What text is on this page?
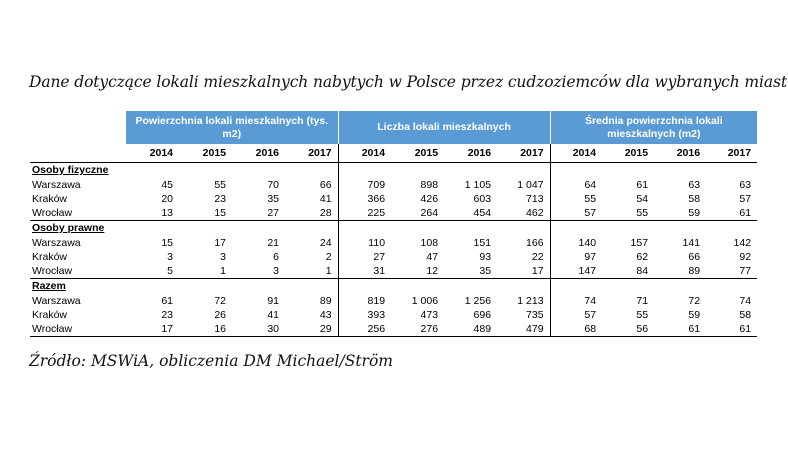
Dane dotyczące lokali mieszkalnych nabytych w Polsce przez cudzoziemców dla wybranych miast
	Powierzchnia lokali mieszkalnych (tys. m2)				Liczba lokali mieszkalnych				Średnia powierzchnia lokali mieszkalnych (m2)			
	2014	2015	2016	2017	2014	2015	2016	2017	2014	2015	2016	2017
Osoby fizyczne												
Warszawa	45	55	70	66	709	898	1 105	1 047	64	61	63	63
Kraków	20	23	35	41	366	426	603	713	55	54	58	57
Wrocław	13	15	27	28	225	264	454	462	57	55	59	61
Osoby prawne												
Warszawa	15	17	21	24	110	108	151	166	140	157	141	142
Kraków	3	3	6	2	27	47	93	22	97	62	66	92
Wrocław	5	1	3	1	31	12	35	17	147	84	89	77
Razem												
Warszawa	61	72	91	89	819	1 006	1 256	1 213	74	71	72	74
Kraków	23	26	41	43	393	473	696	735	57	55	59	58
Wrocław	17	16	30	29	256	276	489	479	68	56	61	61
Źródło: MSWiA, obliczenia DM Michael/Ström
